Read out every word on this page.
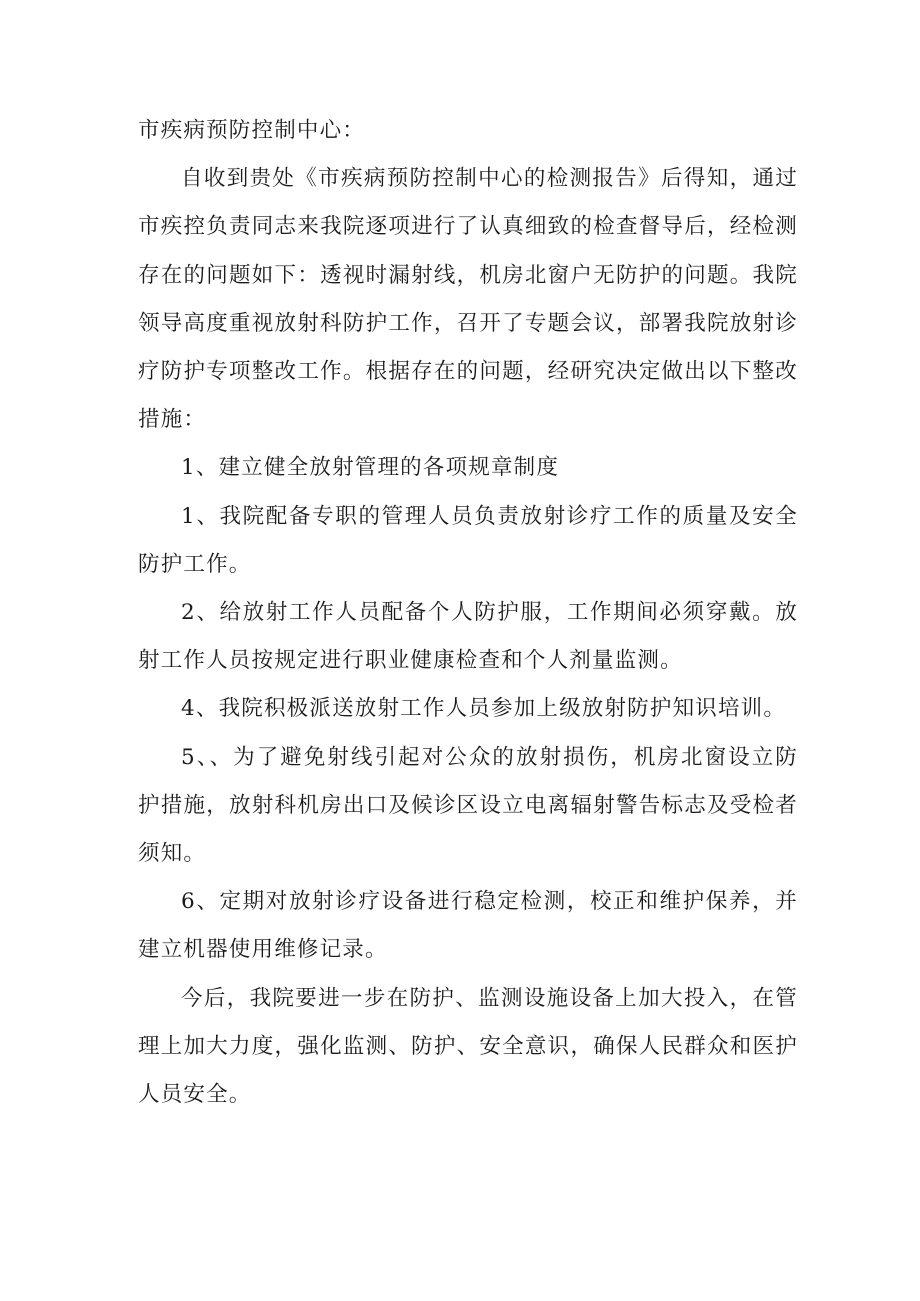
市疾病预防控制中心：

自收到贵处《市疾病预防控制中心的检测报告》后得知，通过市疾控负责同志来我院逐项进行了认真细致的检查督导后，经检测存在的问题如下：透视时漏射线，机房北窗户无防护的问题。我院领导高度重视放射科防护工作，召开了专题会议，部署我院放射诊疗防护专项整改工作。根据存在的问题，经研究决定做出以下整改措施：

1、建立健全放射管理的各项规章制度

1、我院配备专职的管理人员负责放射诊疗工作的质量及安全防护工作。

2、给放射工作人员配备个人防护服，工作期间必须穿戴。放射工作人员按规定进行职业健康检查和个人剂量监测。

4、我院积极派送放射工作人员参加上级放射防护知识培训。

5、、为了避免射线引起对公众的放射损伤，机房北窗设立防护措施，放射科机房出口及候诊区设立电离辐射警告标志及受检者须知。

6、定期对放射诊疗设备进行稳定检测，校正和维护保养，并建立机器使用维修记录。

今后，我院要进一步在防护、监测设施设备上加大投入，在管理上加大力度，强化监测、防护、安全意识，确保人民群众和医护人员安全。
